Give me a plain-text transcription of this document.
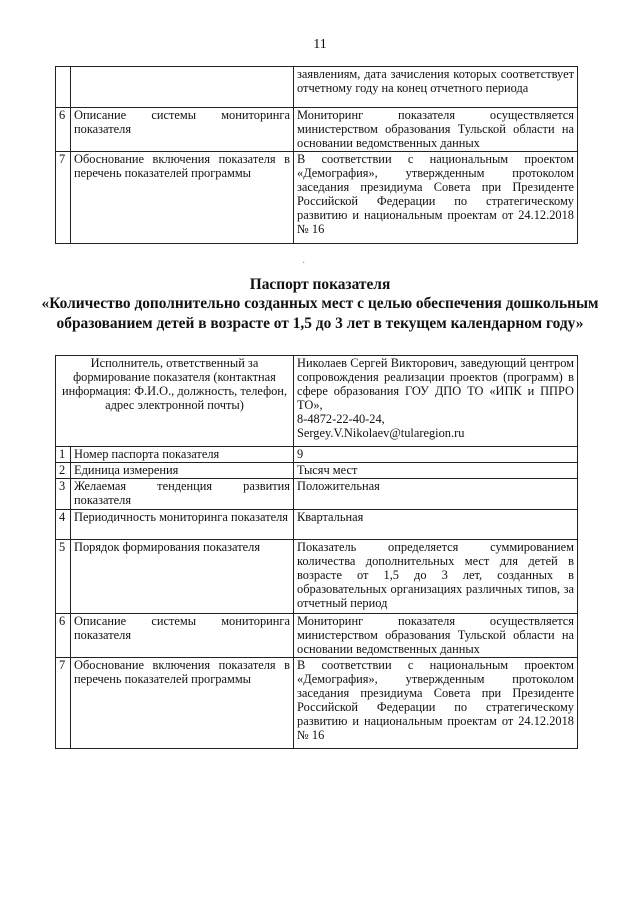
11
		заявлениям, дата зачисления которых соответствует отчетному году на конец отчетного периода
6	Описание системы мониторинга показателя	Мониторинг показателя осуществляется министерством образования Тульской области на основании ведомственных данных
7	Обоснование включения показателя в перечень показателей программы	В соответствии с национальным проектом «Демография», утвержденным протоколом заседания президиума Совета при Президенте Российской Федерации по стратегическому развитию и национальным проектам от 24.12.2018 № 16
·
Паспорт показателя
«Количество дополнительно созданных мест с целью обеспечения дошкольным образованием детей в возрасте от 1,5 до 3 лет в текущем календарном году»
Исполнитель, ответственный за формирование показателя (контактная информация: Ф.И.О., должность, телефон, адрес электронной почты)		Николаев Сергей Викторович, заведующий центром сопровождения реализации проектов (программ) в сфере образования ГОУ ДПО ТО «ИПК и ППРО ТО»,
8-4872-22-40-24,
Sergey.V.Nikolaev@tularegion.ru

1	Номер паспорта показателя	9
2	Единица измерения	Тысяч мест
3	Желаемая тенденция развития показателя	Положительная
4	Периодичность мониторинга показателя	Квартальная
5	Порядок формирования показателя	Показатель определяется суммированием количества дополнительных мест для детей в возрасте от 1,5 до 3 лет, созданных в образовательных организациях различных типов, за отчетный период
6	Описание системы мониторинга показателя	Мониторинг показателя осуществляется министерством образования Тульской области на основании ведомственных данных
7	Обоснование включения показателя в перечень показателей программы	В соответствии с национальным проектом «Демография», утвержденным протоколом заседания президиума Совета при Президенте Российской Федерации по стратегическому развитию и национальным проектам от 24.12.2018 № 16
